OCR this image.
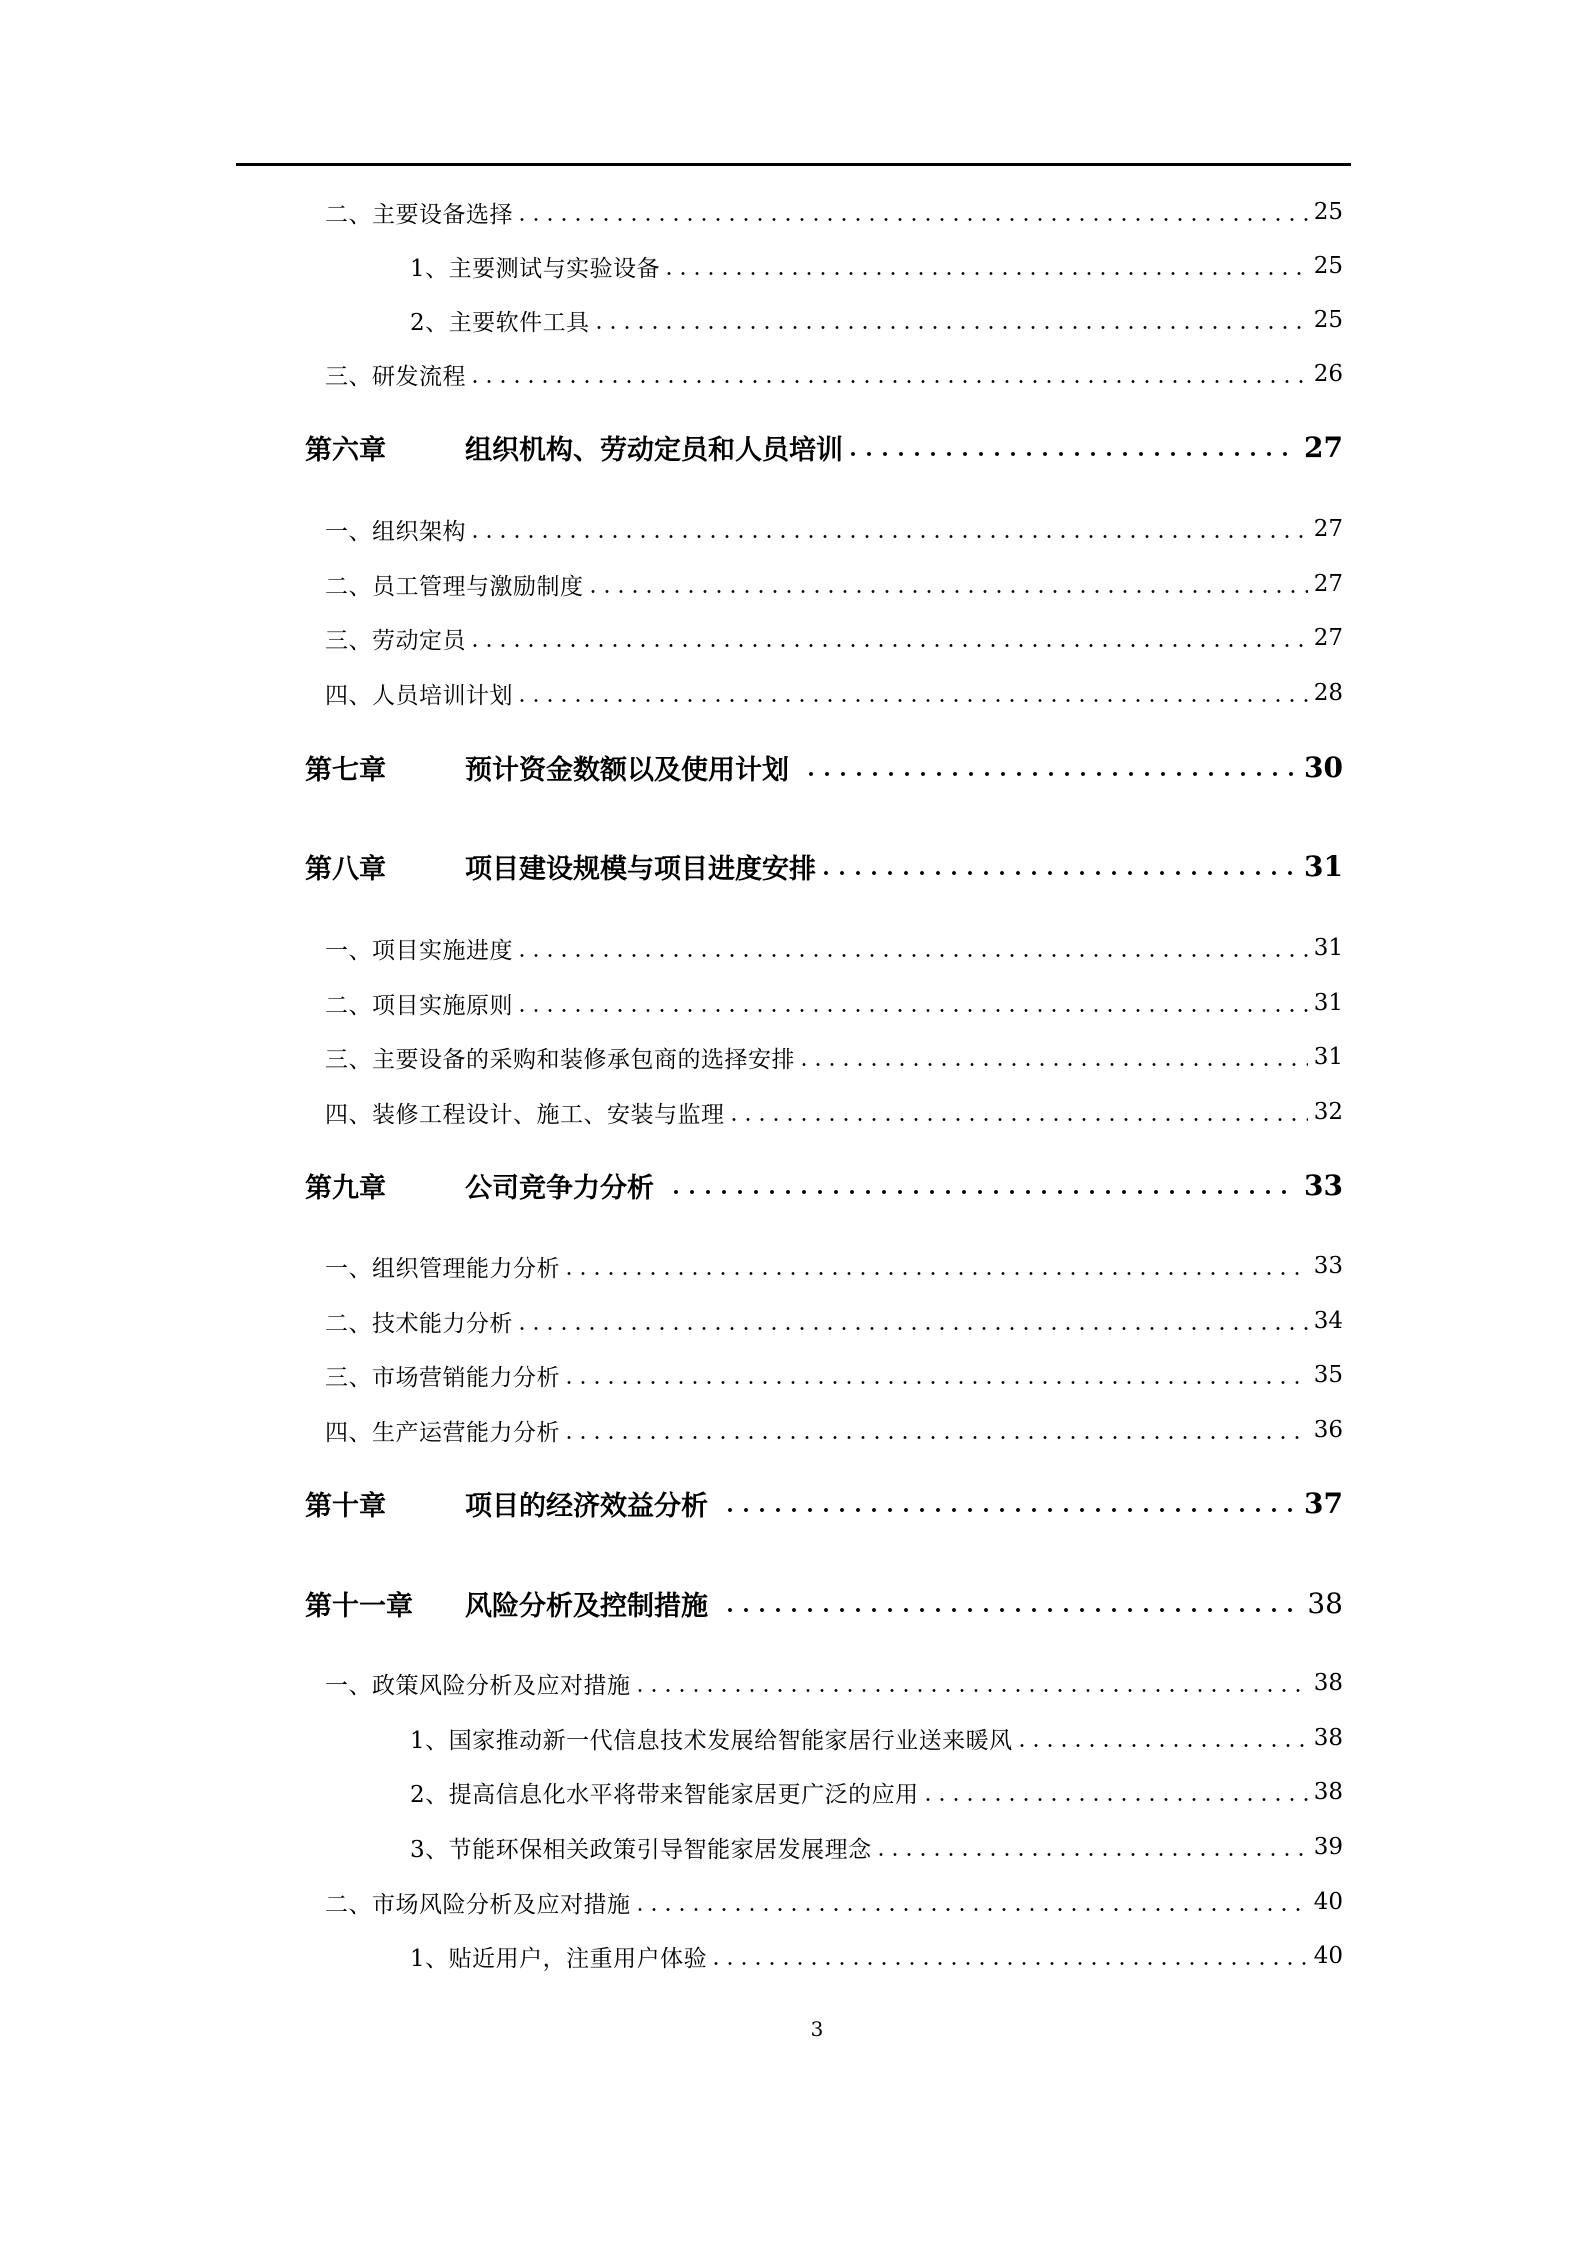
二、主要设备选择	25
1、主要测试与实验设备	25
2、主要软件工具	25
三、研发流程	26
第六章	组织机构、劳动定员和人员培训	27
一、组织架构	27
二、员工管理与激励制度	27
三、劳动定员	27
四、人员培训计划	28
第七章	预计资金数额以及使用计划	30
第八章	项目建设规模与项目进度安排	31
一、项目实施进度	31
二、项目实施原则	31
三、主要设备的采购和装修承包商的选择安排	31
四、装修工程设计、施工、安装与监理	32
第九章	公司竞争力分析	33
一、组织管理能力分析	33
二、技术能力分析	34
三、市场营销能力分析	35
四、生产运营能力分析	36
第十章	项目的经济效益分析	37
第十一章	风险分析及控制措施	38
一、政策风险分析及应对措施	38
1、国家推动新一代信息技术发展给智能家居行业送来暖风	38
2、提高信息化水平将带来智能家居更广泛的应用	38
3、节能环保相关政策引导智能家居发展理念	39
二、市场风险分析及应对措施	40
1、贴近用户，注重用户体验	40
3
